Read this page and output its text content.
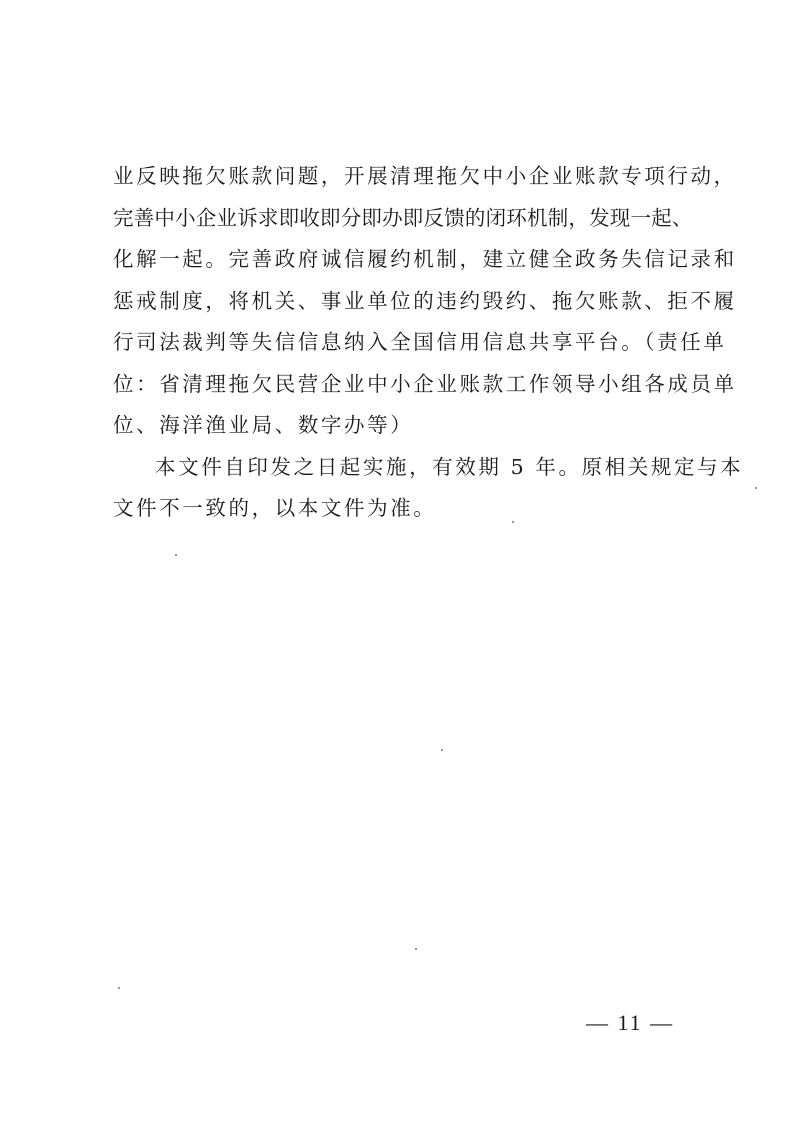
业反映拖欠账款问题，开展清理拖欠中小企业账款专项行动，
完善中小企业诉求即收即分即办即反馈的闭环机制，发现一起、
化解一起。完善政府诚信履约机制，建立健全政务失信记录和
惩戒制度，将机关、事业单位的违约毁约、拖欠账款、拒不履
行司法裁判等失信信息纳入全国信用信息共享平台。（责任单
位：省清理拖欠民营企业中小企业账款工作领导小组各成员单
位、海洋渔业局、数字办等）
本文件自印发之日起实施，有效期 5 年。原相关规定与本
文件不一致的，以本文件为准。
— 11 —
